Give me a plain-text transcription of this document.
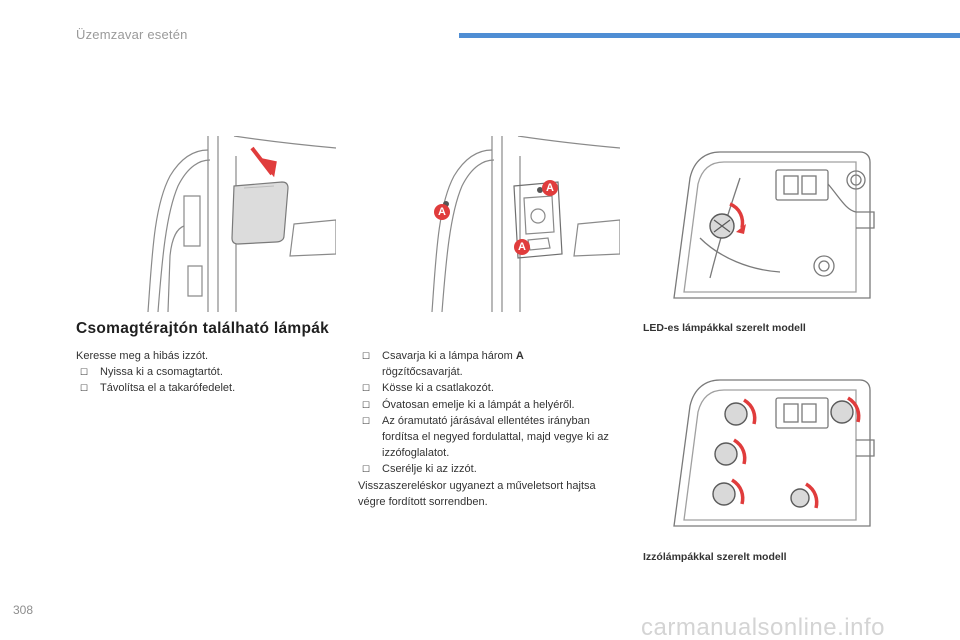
Üzemzavar esetén
A
A
A
Csomagtérajtón található lámpák
Keresse meg a hibás izzót.
☐ Nyissa ki a csomagtartót.
☐ Távolítsa el a takarófedelet.
☐ Csavarja ki a lámpa három A
rögzítőcsavarját.
☐ Kösse ki a csatlakozót.
☐ Óvatosan emelje ki a lámpát a helyéről.
☐ Az óramutató járásával ellentétes irányban fordítsa el negyed fordulattal, majd vegye ki az izzófoglalatot.
☐ Cserélje ki az izzót.
Visszaszereléskor ugyanezt a műveletsort hajtsa végre fordított sorrendben.
LED-es lámpákkal szerelt modell
Izzólámpákkal szerelt modell
308
carmanualsonline.info
